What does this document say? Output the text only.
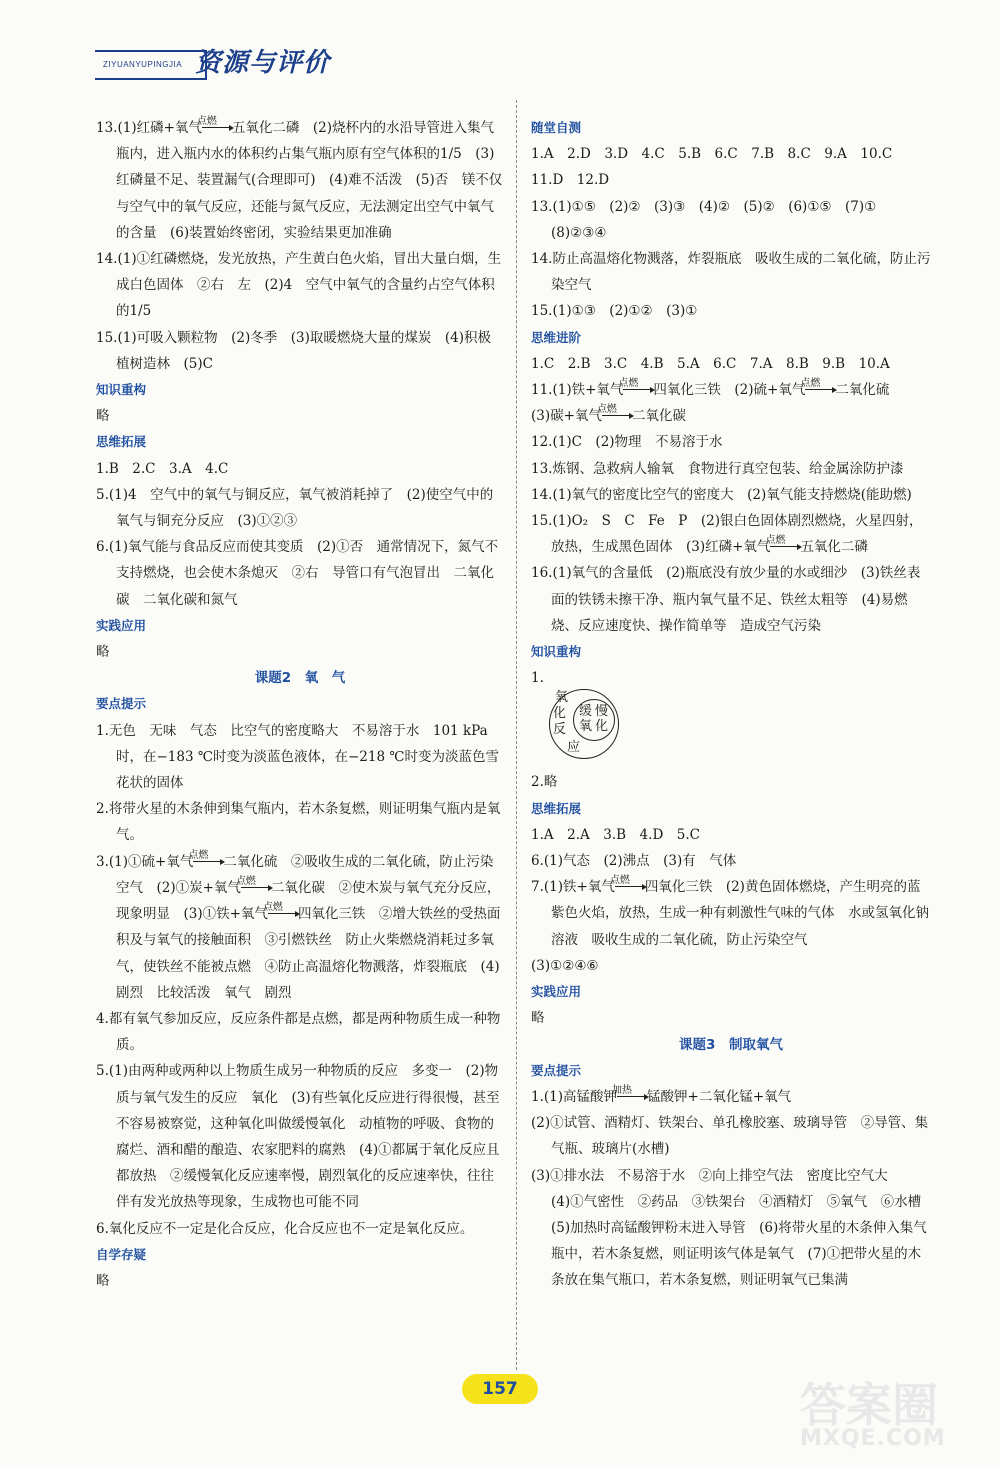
ZIYUANYUPINGJIA 资源与评价

13.(1)红磷+氧气点燃 五氧化二磷　(2)烧杯内的水沿导管进入集气瓶内，进入瓶内水的体积约占集气瓶内原有空气体积的1/5　(3)红磷量不足、装置漏气(合理即可)　(4)难不活泼　(5)否　镁不仅与空气中的氧气反应，还能与氮气反应，无法测定出空气中氧气的含量　(6)装置始终密闭，实验结果更加准确

14.(1)①红磷燃烧，发光放热，产生黄白色火焰，冒出大量白烟，生成白色固体　②右　左　(2)4　空气中氧气的含量约占空气体积的1/5

15.(1)可吸入颗粒物　(2)冬季　(3)取暖燃烧大量的煤炭　(4)积极植树造林　(5)C

知识重构

略

思维拓展

1.B　2.C　3.A　4.C

5.(1)4　空气中的氧气与铜反应，氧气被消耗掉了　(2)使空气中的氧气与铜充分反应　(3)①②③

6.(1)氧气能与食品反应而使其变质　(2)①否　通常情况下，氮气不支持燃烧，也会使木条熄灭　②右　导管口有气泡冒出　二氧化碳　二氧化碳和氮气

实践应用

略

课题2　氧　气

要点提示

1.无色　无味　气态　比空气的密度略大　不易溶于水　101 kPa时，在−183 ℃时变为淡蓝色液体，在−218 ℃时变为淡蓝色雪花状的固体

2.将带火星的木条伸到集气瓶内，若木条复燃，则证明集气瓶内是氧气。

3.(1)①硫+氧气点燃 二氧化硫　②吸收生成的二氧化硫，防止污染空气　(2)①炭+氧气点燃 二氧化碳　②使木炭与氧气充分反应，现象明显　(3)①铁+氧气点燃 四氧化三铁　②增大铁丝的受热面积及与氧气的接触面积　③引燃铁丝　防止火柴燃烧消耗过多氧气，使铁丝不能被点燃　④防止高温熔化物溅落，炸裂瓶底　(4)剧烈　比较活泼　氧气　剧烈

4.都有氧气参加反应，反应条件都是点燃，都是两种物质生成一种物质。

5.(1)由两种或两种以上物质生成另一种物质的反应　多变一　(2)物质与氧气发生的反应　氧化　(3)有些氧化反应进行得很慢，甚至不容易被察觉，这种氧化叫做缓慢氧化　动植物的呼吸、食物的腐烂、酒和醋的酿造、农家肥料的腐熟　(4)①都属于氧化反应且都放热　②缓慢氧化反应速率慢，剧烈氧化的反应速率快，往往伴有发光放热等现象，生成物也可能不同

6.氧化反应不一定是化合反应，化合反应也不一定是氧化反应。

自学存疑

略

随堂自测

1.A　2.D　3.D　4.C　5.B　6.C　7.B　8.C　9.A　10.C

11.D　12.D

13.(1)①⑤　(2)②　(3)③　(4)②　(5)②　(6)①⑤　(7)①　(8)②③④

14.防止高温熔化物溅落，炸裂瓶底　吸收生成的二氧化硫，防止污染空气

15.(1)①③　(2)①②　(3)①

思维进阶

1.C　2.B　3.C　4.B　5.A　6.C　7.A　8.B　9.B　10.A

11.(1)铁+氧气点燃 四氧化三铁　(2)硫+氧气点燃 二氧化硫

(3)碳+氧气点燃 二氧化碳

12.(1)C　(2)物理　不易溶于水

13.炼钢、急救病人输氧　食物进行真空包装、给金属涂防护漆

14.(1)氧气的密度比空气的密度大　(2)氧气能支持燃烧(能助燃)

15.(1)O₂　S　C　Fe　P　(2)银白色固体剧烈燃烧，火星四射，放热，生成黑色固体　(3)红磷+氧气点燃 五氧化二磷

16.(1)氧气的含量低　(2)瓶底没有放少量的水或细沙　(3)铁丝表面的铁锈未擦干净、瓶内氧气量不足、铁丝太粗等　(4)易燃烧、反应速度快、操作简单等　造成空气污染

知识重构

1.

氧
化
反
应
缓 慢
氧 化

2.略

思维拓展

1.A　2.A　3.B　4.D　5.C

6.(1)气态　(2)沸点　(3)有　气体

7.(1)铁+氧气点燃 四氧化三铁　(2)黄色固体燃烧，产生明亮的蓝紫色火焰，放热，生成一种有刺激性气味的气体　水或氢氧化钠溶液　吸收生成的二氧化硫，防止污染空气

(3)①②④⑥

实践应用

略

课题3　制取氧气

要点提示

1.(1)高锰酸钾加热 锰酸钾+二氧化锰+氧气

(2)①试管、酒精灯、铁架台、单孔橡胶塞、玻璃导管　②导管、集气瓶、玻璃片(水槽)

(3)①排水法　不易溶于水　②向上排空气法　密度比空气大　(4)①气密性　②药品　③铁架台　④酒精灯　⑤氧气　⑥水槽　(5)加热时高锰酸钾粉末进入导管　(6)将带火星的木条伸入集气瓶中，若木条复燃，则证明该气体是氧气　(7)①把带火星的木条放在集气瓶口，若木条复燃，则证明氧气已集满

157	答案圈
MXQE.COM
